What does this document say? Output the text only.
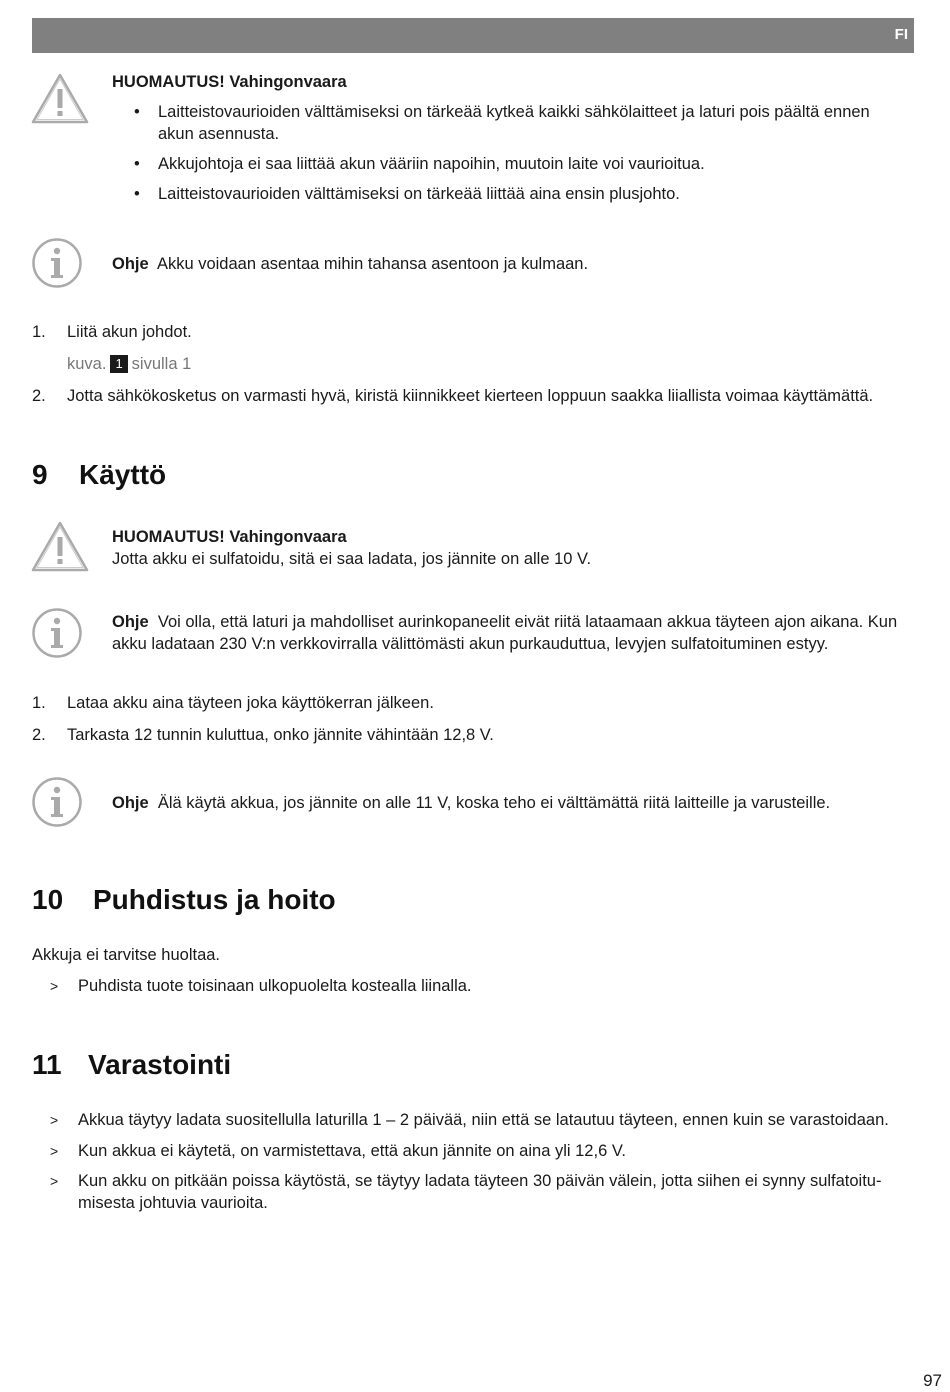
FI
HUOMAUTUS! Vahingonvaara
• Laitteistovaurioiden välttämiseksi on tärkeää kytkeä kaikki sähkölaitteet ja laturi pois päältä ennen akun asennusta.
• Akkujohtoja ei saa liittää akun vääriin napoihin, muutoin laite voi vaurioitua.
• Laitteistovaurioiden välttämiseksi on tärkeää liittää aina ensin plusjohto.
Ohje Akku voidaan asentaa mihin tahansa asentoon ja kulmaan.
1. Liitä akun johdot.
kuva. 1 sivulla 1
2. Jotta sähkökosketus on varmasti hyvä, kiristä kiinnikkeet kierteen loppuun saakka liiallista voimaa käyttämättä.
9 Käyttö
HUOMAUTUS! Vahingonvaara
Jotta akku ei sulfatoidu, sitä ei saa ladata, jos jännite on alle 10 V.
Ohje Voi olla, että laturi ja mahdolliset aurinkopaneelit eivät riitä lataamaan akkua täyteen ajon aikana. Kun akku ladataan 230 V:n verkkovirralla välittömästi akun purkauduttua, levyjen sulfatoituminen estyy.
1. Lataa akku aina täyteen joka käyttökerran jälkeen.
2. Tarkasta 12 tunnin kuluttua, onko jännite vähintään 12,8 V.
Ohje Älä käytä akkua, jos jännite on alle 11 V, koska teho ei välttämättä riitä laitteille ja varusteille.
10 Puhdistus ja hoito
Akkuja ei tarvitse huoltaa.
> Puhdista tuote toisinaan ulkopuolelta kostealla liinalla.
11 Varastointi
> Akkua täytyy ladata suositellulla laturilla 1 – 2 päivää, niin että se latautuu täyteen, ennen kuin se varastoidaan.
> Kun akkua ei käytetä, on varmistettava, että akun jännite on aina yli 12,6 V.
> Kun akku on pitkään poissa käytöstä, se täytyy ladata täyteen 30 päivän välein, jotta siihen ei synny sulfatoitu-misesta johtuvia vaurioita.
97
